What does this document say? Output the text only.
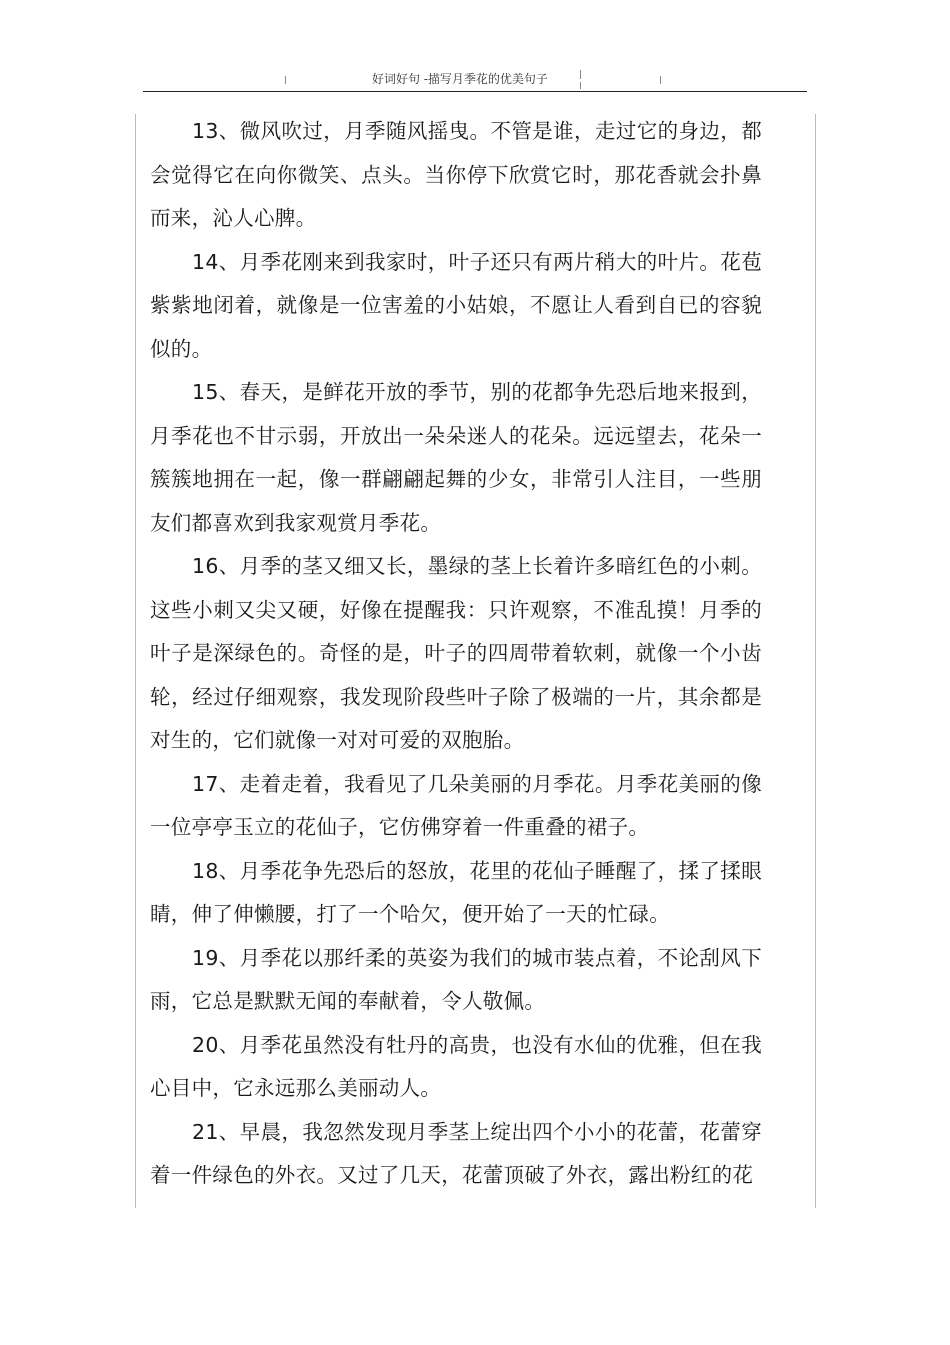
好词好句 -描写月季花的优美句子

13、微风吹过，月季随风摇曳。不管是谁，走过它的身边，都会觉得它在向你微笑、点头。当你停下欣赏它时，那花香就会扑鼻而来，沁人心脾。

14、月季花刚来到我家时，叶子还只有两片稍大的叶片。花苞紫紫地闭着，就像是一位害羞的小姑娘，不愿让人看到自已的容貌似的。

15、春天，是鲜花开放的季节，别的花都争先恐后地来报到，月季花也不甘示弱，开放出一朵朵迷人的花朵。远远望去，花朵一簇簇地拥在一起，像一群翩翩起舞的少女，非常引人注目，一些朋友们都喜欢到我家观赏月季花。

16、月季的茎又细又长，墨绿的茎上长着许多暗红色的小刺。这些小刺又尖又硬，好像在提醒我：只许观察，不准乱摸！月季的叶子是深绿色的。奇怪的是，叶子的四周带着软刺，就像一个小齿轮，经过仔细观察，我发现阶段些叶子除了极端的一片，其余都是对生的，它们就像一对对可爱的双胞胎。

17、走着走着，我看见了几朵美丽的月季花。月季花美丽的像一位亭亭玉立的花仙子，它仿佛穿着一件重叠的裙子。

18、月季花争先恐后的怒放，花里的花仙子睡醒了，揉了揉眼睛，伸了伸懒腰，打了一个哈欠，便开始了一天的忙碌。

19、月季花以那纤柔的英姿为我们的城市装点着，不论刮风下雨，它总是默默无闻的奉献着，令人敬佩。

20、月季花虽然没有牡丹的高贵，也没有水仙的优雅，但在我心目中，它永远那么美丽动人。

21、早晨，我忽然发现月季茎上绽出四个小小的花蕾，花蕾穿着一件绿色的外衣。又过了几天，花蕾顶破了外衣，露出粉红的花
